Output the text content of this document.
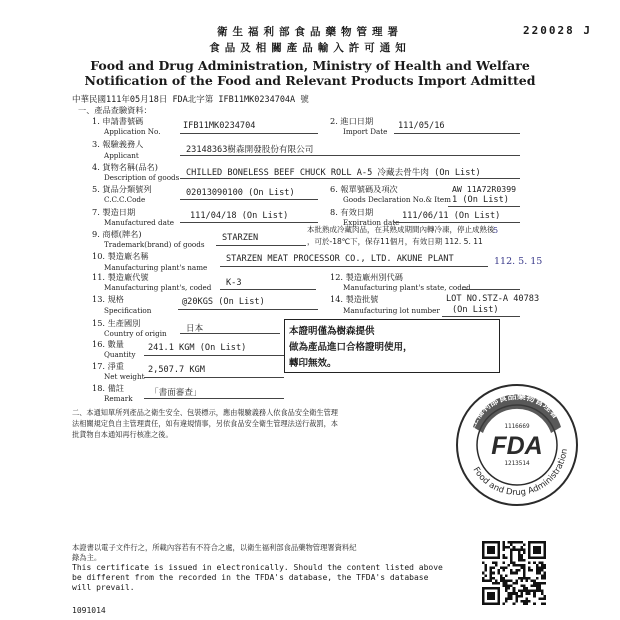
220028 J
衛生福利部食品藥物管理署
食品及相關產品輸入許可通知
Food and Drug Administration, Ministry of Health and Welfare
Notification of the Food and Relevant Products Import Admitted
中華民國111年05月18日 FDA北字第 IFB11MK0234704A 號
一、產品查驗資料：
1. 申請書號碼
Application No.
IFB11MK0234704	2. 進口日期
Import Date
111/05/16
3. 報驗義務人
Applicant
23148363樹森開發股份有限公司
4. 貨物名稱(品名)
Description of goods CHILLED BONELESS BEEF CHUCK ROLL A-5 冷藏去骨牛肉 (On List)
5. 貨品分類號列
C.C.C.Code
02013090100 (On List)	6. 報單號碼及項次
Goods Declaration No.& Item
AW 11A72R0399
1 (On List)
7. 製造日期
Manufactured date
111/04/18 (On List)	8. 有效日期
Expiration date
111/06/11 (On List)
9. 商標(牌名)
Trademark(brand) of goods
STARZEN
本批熟成冷藏肉品，在其熟成期間內轉冷凍，停止成熟後
，可於-18℃下，保存11個月，有效日期 112. 5. 11
5
10. 製造廠名稱
Manufacturing plant's name
STARZEN MEAT PROCESSOR CO., LTD. AKUNE PLANT	112. 5. 15
11. 製造廠代號
Manufacturing plant's, coded K-3
12. 製造廠州別代碼
Manufacturing plant's state, coded
13. 規格
Specification
@20KGS (On List)	14. 製造批號
Manufacturing lot number
LOT NO.STZ-A 40783
(On List)
15. 生產國別
Country of origin 日本	本證明僅為樹森提供
做為產品進口合格證明使用，
轉印無效。
16. 數量
Quantity
241.1 KGM (On List)
17. 淨重
Net weight
2,507.7 KGM
18. 備註
Remark
「書面審查」
二、本通知單所列產品之衛生安全、包裝標示，應由報驗義務人依食品安全衛生管理
法相關規定負自主管理責任，如有違規情事，另依食品安全衛生管理法送行裁罰，本
批貨物自本通知再行核准之後。	衛生福利部食品藥物管理署
Food and Drug Administration
1116669
FDA
1213514
本證書以電子文件行之，所載內容若有不符合之處，以衛生福利部食品藥物管理署資料紀
錄為主。
This certificate is issued in electronically. Should the content listed above
be different from the recorded in the TFDA's database, the TFDA's database
will prevail.
1091014
